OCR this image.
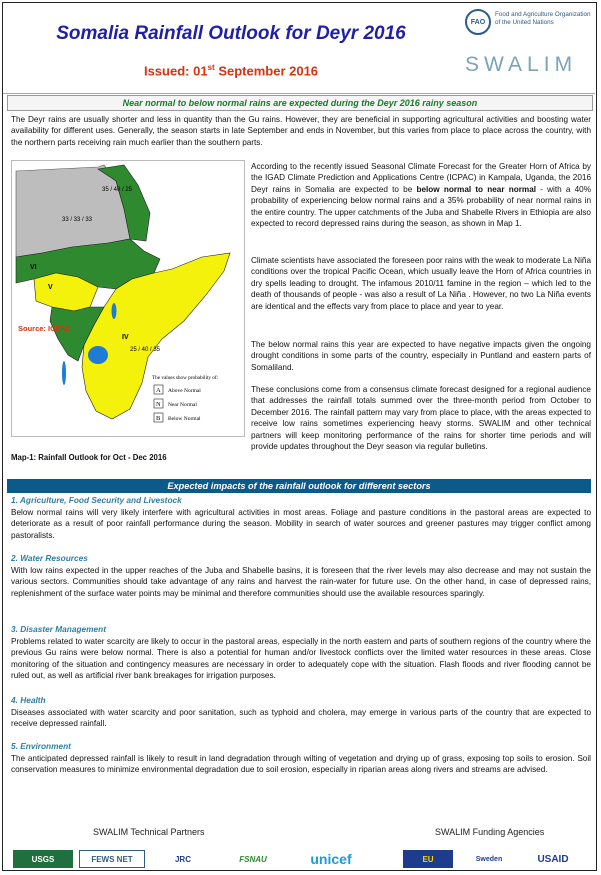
Somalia Rainfall Outlook for Deyr 2016
Issued: 01st September 2016
FAO
Food and Agriculture Organization of the United Nations
SWALIM
Near normal to below normal rains are expected during the Deyr 2016 rainy season
The Deyr rains are usually shorter and less in quantity than the Gu rains. However, they are beneficial in supporting agricultural activities and boosting water availability for different uses. Generally, the season starts in late September and ends in November, but this varies from place to place across the country, with the northern parts receiving rain much earlier than the southern parts.
33 / 33 / 33
35 / 40 / 25
IV
V
VI
25 / 40 / 35
Source: ICPAC
The values show probability of:
A Above Normal
N Near Normal
B Below Normal
Map-1: Rainfall Outlook for Oct - Dec 2016
According to the recently issued Seasonal Climate Forecast for the Greater Horn of Africa by the IGAD Climate Prediction and Applications Centre (ICPAC) in Kampala, Uganda, the 2016 Deyr rains in Somalia are expected to be below normal to near normal - with a 40% probability of experiencing below normal rains and a 35% probability of near normal rains in the entire country. The upper catchments of the Juba and Shabelle Rivers in Ethiopia are also expected to record depressed rains during the season, as shown in Map 1.
Climate scientists have associated the foreseen poor rains with the weak to moderate La Niña conditions over the tropical Pacific Ocean, which usually leave the Horn of Africa countries in dry spells leading to drought. The infamous 2010/11 famine in the region – which led to the death of thousands of people - was also a result of La Niña . However, no two La Niña events are identical and the effects vary from place to place and year to year.
The below normal rains this year are expected to have negative impacts given the ongoing drought conditions in some parts of the country, especially in Puntland and eastern parts of Somaliland.
These conclusions come from a consensus climate forecast designed for a regional audience that addresses the rainfall totals summed over the three-month period from October to December 2016. The rainfall pattern may vary from place to place, with the areas expected to receive low rains sometimes experiencing heavy storms. SWALIM and other technical partners will keep monitoring performance of the rains for shorter time periods and will provide updates throughout the Deyr season via regular bulletins.
Expected impacts of the rainfall outlook for different sectors
1. Agriculture, Food Security and Livestock
Below normal rains will very likely interfere with agricultural activities in most areas. Foliage and pasture conditions in the pastoral areas are expected to deteriorate as a result of poor rainfall performance during the season. Mobility in search of water sources and greener pastures may trigger conflict among pastoralists.
2. Water Resources
With low rains expected in the upper reaches of the Juba and Shabelle basins, it is foreseen that the river levels may also decrease and may not sustain the various sectors. Communities should take advantage of any rains and harvest the rain-water for future use. On the other hand, in case of depressed rains, replenishment of the surface water points may be minimal and therefore communities should use the available resources sparingly.
3. Disaster Management
Problems related to water scarcity are likely to occur in the pastoral areas, especially in the north eastern and parts of southern regions of the country where the previous Gu rains were below normal. There is also a potential for human and/or livestock conflicts over the limited water resources in these areas. Close monitoring of the situation and contingency measures are necessary in order to adequately cope with the situation. Flash floods and river flooding cannot be ruled out, as well as artificial river bank breakages for irrigation purposes.
4. Health
Diseases associated with water scarcity and poor sanitation, such as typhoid and cholera, may emerge in various parts of the country that are expected to receive depressed rainfall.
5. Environment
The anticipated depressed rainfall is likely to result in land degradation through wilting of vegetation and drying up of grass, exposing top soils to erosion. Soil conservation measures to minimize environmental degradation due to soil erosion, especially in riparian areas along rivers and streams are advised.
SWALIM Technical Partners	SWALIM Funding Agencies
USGS	FEWS NET	JRC	FSNAU	unicef	EU	Sweden	USAID
